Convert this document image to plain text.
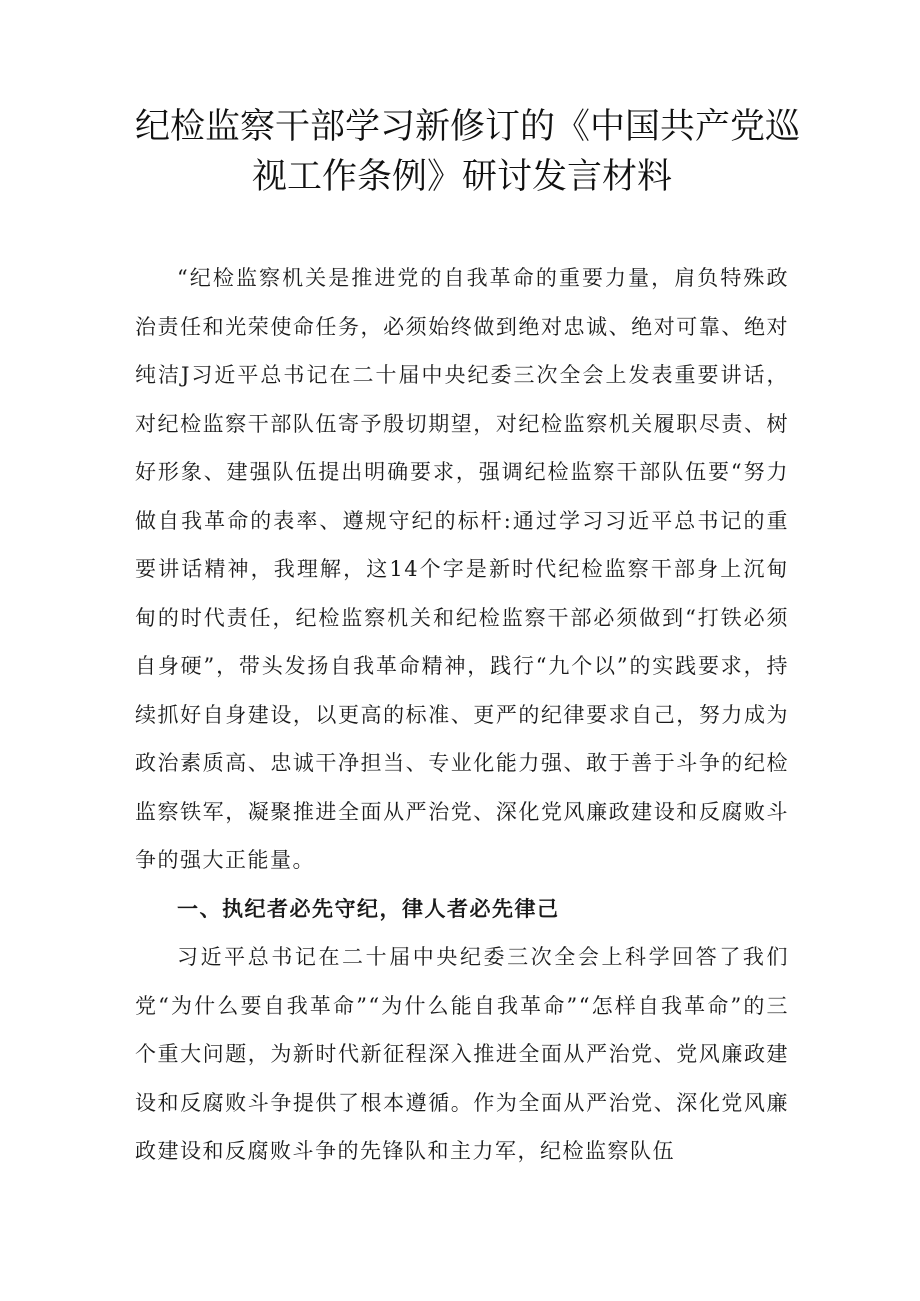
纪检监察干部学习新修订的《中国共产党巡
视工作条例》研讨发言材料

“纪检监察机关是推进党的自我革命的重要力量，肩负特殊政治责任和光荣使命任务，必须始终做到绝对忠诚、绝对可靠、绝对纯洁J习近平总书记在二十届中央纪委三次全会上发表重要讲话，对纪检监察干部队伍寄予殷切期望，对纪检监察机关履职尽责、树好形象、建强队伍提出明确要求，强调纪检监察干部队伍要“努力做自我革命的表率、遵规守纪的标杆:通过学习习近平总书记的重要讲话精神，我理解，这14个字是新时代纪检监察干部身上沉甸甸的时代责任，纪检监察机关和纪检监察干部必须做到“打铁必须自身硬”，带头发扬自我革命精神，践行“九个以”的实践要求，持续抓好自身建设，以更高的标准、更严的纪律要求自己，努力成为政治素质高、忠诚干净担当、专业化能力强、敢于善于斗争的纪检监察铁军，凝聚推进全面从严治党、深化党风廉政建设和反腐败斗争的强大正能量。

一、执纪者必先守纪，律人者必先律己

习近平总书记在二十届中央纪委三次全会上科学回答了我们党“为什么要自我革命”“为什么能自我革命”“怎样自我革命”的三个重大问题，为新时代新征程深入推进全面从严治党、党风廉政建设和反腐败斗争提供了根本遵循。作为全面从严治党、深化党风廉政建设和反腐败斗争的先锋队和主力军，纪检监察队伍
